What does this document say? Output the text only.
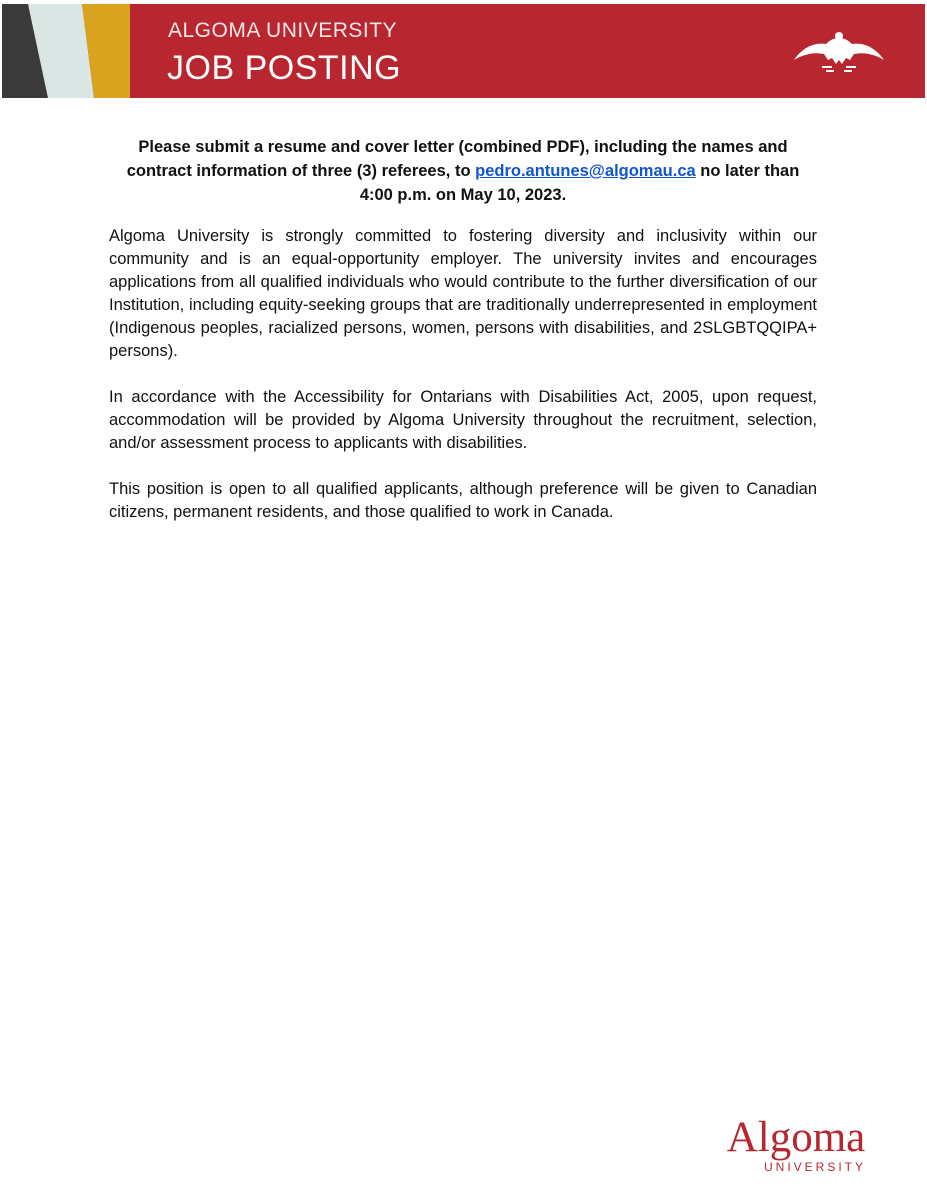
ALGOMA UNIVERSITY
JOB POSTING

Please submit a resume and cover letter (combined PDF), including the names and contract information of three (3) referees, to pedro.antunes@algomau.ca no later than 4:00 p.m. on May 10, 2023.

Algoma University is strongly committed to fostering diversity and inclusivity within our community and is an equal-opportunity employer. The university invites and encourages applications from all qualified individuals who would contribute to the further diversification of our Institution, including equity-seeking groups that are traditionally underrepresented in employment (Indigenous peoples, racialized persons, women, persons with disabilities, and 2SLGBTQQIPA+ persons).

In accordance with the Accessibility for Ontarians with Disabilities Act, 2005, upon request, accommodation will be provided by Algoma University throughout the recruitment, selection, and/or assessment process to applicants with disabilities.

This position is open to all qualified applicants, although preference will be given to Canadian citizens, permanent residents, and those qualified to work in Canada.

Algoma
UNIVERSITY
